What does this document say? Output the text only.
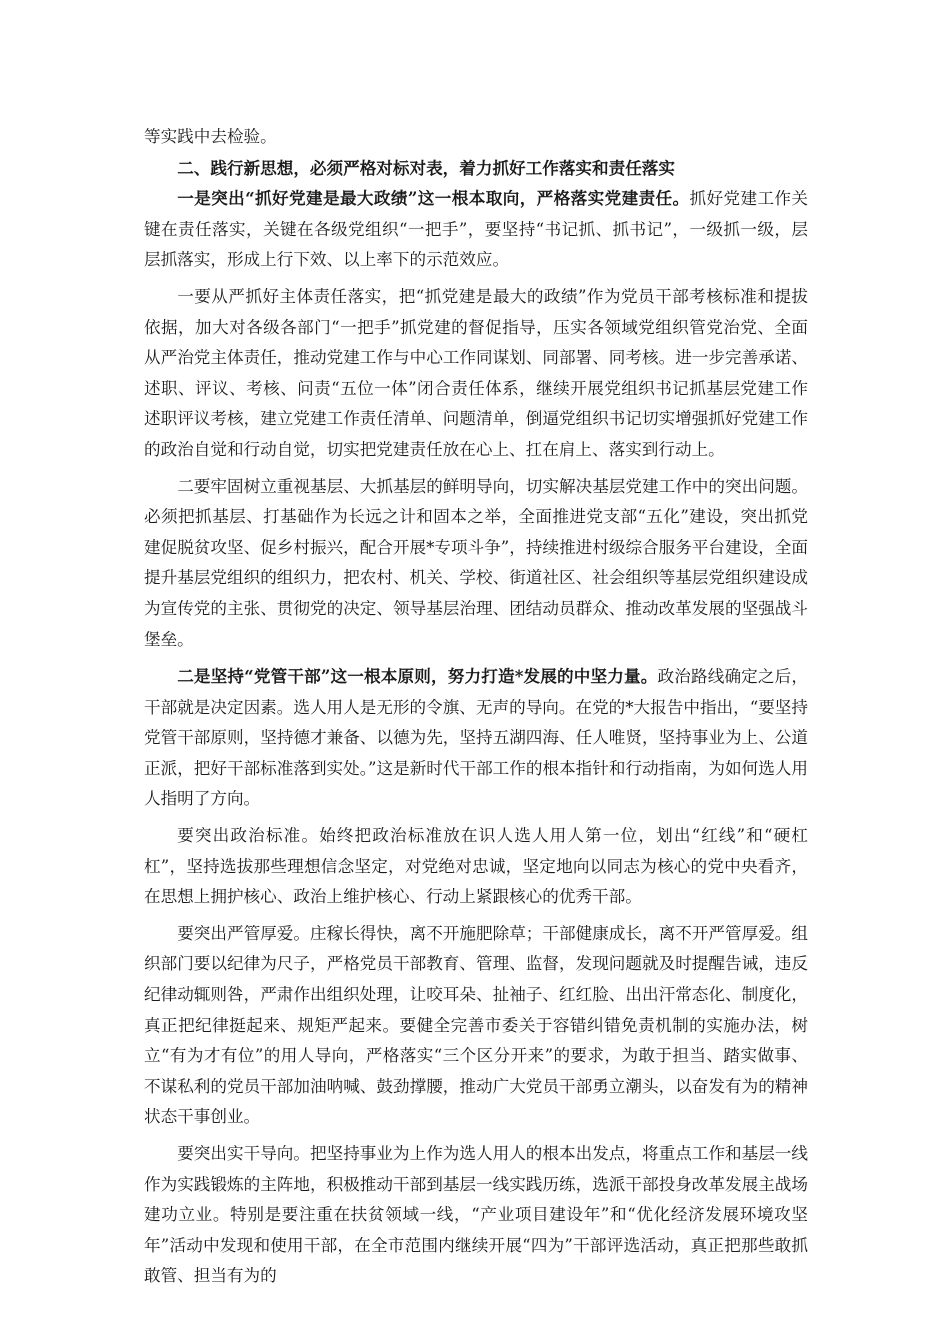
等实践中去检验。

二、践行新思想，必须严格对标对表，着力抓好工作落实和责任落实

一是突出“抓好党建是最大政绩”这一根本取向，严格落实党建责任。抓好党建工作关键在责任落实，关键在各级党组织“一把手”，要坚持“书记抓、抓书记”，一级抓一级，层层抓落实，形成上行下效、以上率下的示范效应。

一要从严抓好主体责任落实，把“抓党建是最大的政绩”作为党员干部考核标准和提拔依据，加大对各级各部门“一把手”抓党建的督促指导，压实各领域党组织管党治党、全面从严治党主体责任，推动党建工作与中心工作同谋划、同部署、同考核。进一步完善承诺、述职、评议、考核、问责“五位一体”闭合责任体系，继续开展党组织书记抓基层党建工作述职评议考核，建立党建工作责任清单、问题清单，倒逼党组织书记切实增强抓好党建工作的政治自觉和行动自觉，切实把党建责任放在心上、扛在肩上、落实到行动上。

二要牢固树立重视基层、大抓基层的鲜明导向，切实解决基层党建工作中的突出问题。必须把抓基层、打基础作为长远之计和固本之举，全面推进党支部“五化”建设，突出抓党建促脱贫攻坚、促乡村振兴，配合开展*专项斗争”，持续推进村级综合服务平台建设，全面提升基层党组织的组织力，把农村、机关、学校、街道社区、社会组织等基层党组织建设成为宣传党的主张、贯彻党的决定、领导基层治理、团结动员群众、推动改革发展的坚强战斗堡垒。

二是坚持“党管干部”这一根本原则，努力打造*发展的中坚力量。政治路线确定之后，干部就是决定因素。选人用人是无形的令旗、无声的导向。在党的*大报告中指出，“要坚持党管干部原则，坚持德才兼备、以德为先，坚持五湖四海、任人唯贤，坚持事业为上、公道正派，把好干部标准落到实处。”这是新时代干部工作的根本指针和行动指南，为如何选人用人指明了方向。

要突出政治标准。始终把政治标准放在识人选人用人第一位，划出“红线”和“硬杠杠”，坚持选拔那些理想信念坚定，对党绝对忠诚，坚定地向以同志为核心的党中央看齐，在思想上拥护核心、政治上维护核心、行动上紧跟核心的优秀干部。

要突出严管厚爱。庄稼长得快，离不开施肥除草；干部健康成长，离不开严管厚爱。组织部门要以纪律为尺子，严格党员干部教育、管理、监督，发现问题就及时提醒告诫，违反纪律动辄则咎，严肃作出组织处理，让咬耳朵、扯袖子、红红脸、出出汗常态化、制度化，真正把纪律挺起来、规矩严起来。要健全完善市委关于容错纠错免责机制的实施办法，树立“有为才有位”的用人导向，严格落实“三个区分开来”的要求，为敢于担当、踏实做事、不谋私利的党员干部加油呐喊、鼓劲撑腰，推动广大党员干部勇立潮头，以奋发有为的精神状态干事创业。

要突出实干导向。把坚持事业为上作为选人用人的根本出发点，将重点工作和基层一线作为实践锻炼的主阵地，积极推动干部到基层一线实践历练，选派干部投身改革发展主战场建功立业。特别是要注重在扶贫领域一线，“产业项目建设年”和“优化经济发展环境攻坚年”活动中发现和使用干部，在全市范围内继续开展“四为”干部评选活动，真正把那些敢抓敢管、担当有为的
